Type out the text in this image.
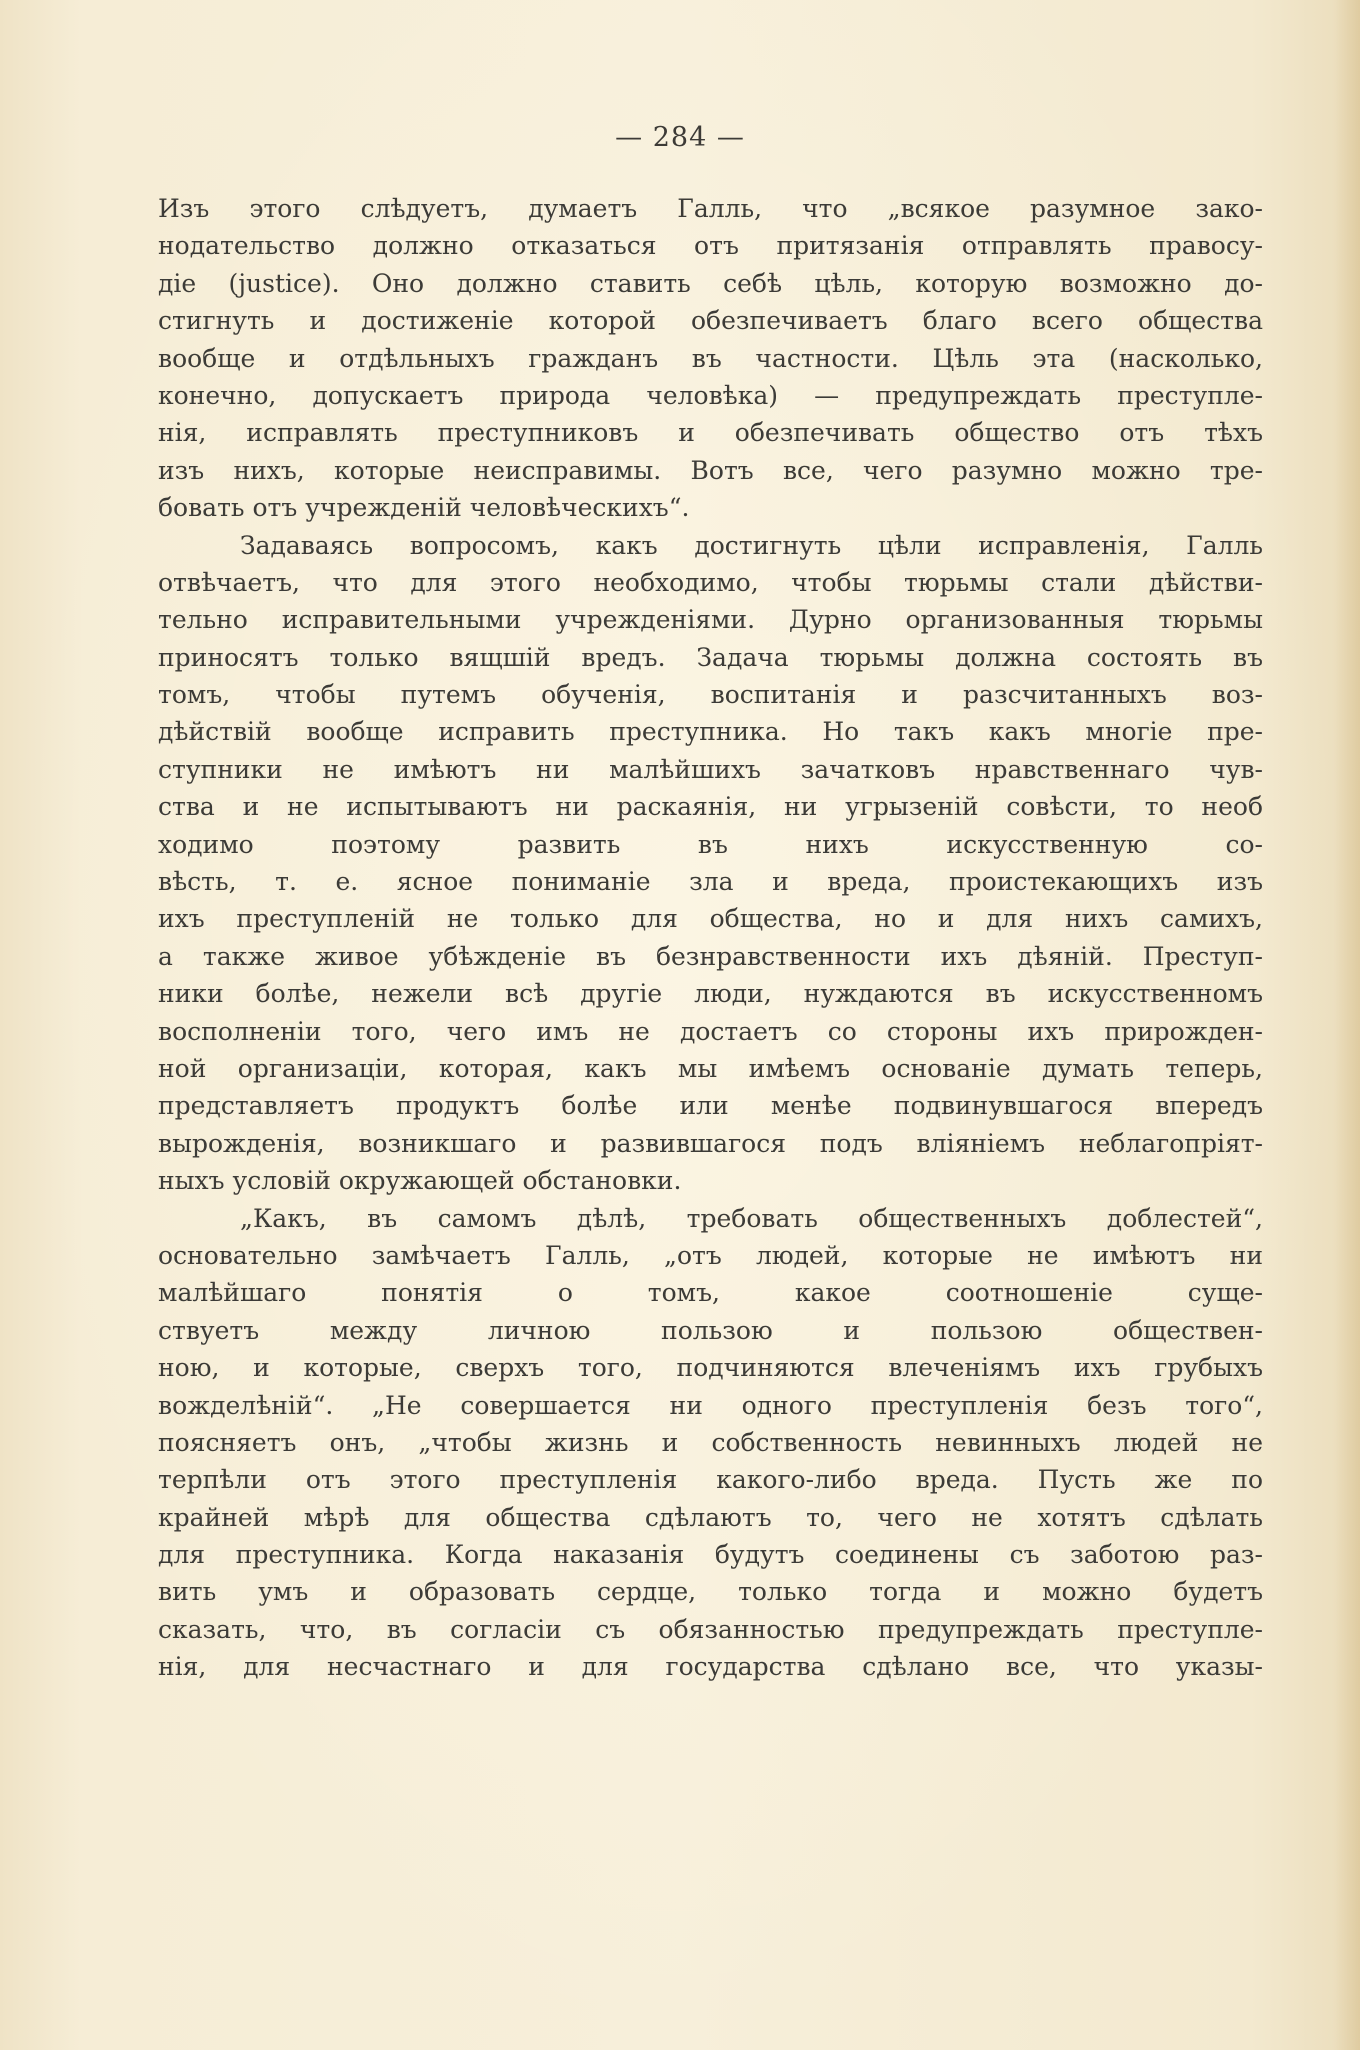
— 284 —
Изъ этого слѣдуетъ, думаетъ Галль, что „всякое разумное зако-
нодательство должно отказаться отъ притязанія отправлять правосу-
діе (justice). Оно должно ставить себѣ цѣль, которую возможно до-
стигнуть и достиженіе которой обезпечиваетъ благо всего общества
вообще и отдѣльныхъ гражданъ въ частности. Цѣль эта (насколько,
конечно, допускаетъ природа человѣка) — предупреждать преступле-
нія, исправлять преступниковъ и обезпечивать общество отъ тѣхъ
изъ нихъ, которые неисправимы. Вотъ все, чего разумно можно тре-
бовать отъ учрежденій человѣческихъ“.
Задаваясь вопросомъ, какъ достигнуть цѣли исправленія, Галль
отвѣчаетъ, что для этого необходимо, чтобы тюрьмы стали дѣйстви-
тельно исправительными учрежденіями. Дурно организованныя тюрьмы
приносятъ только вящшій вредъ. Задача тюрьмы должна состоять въ
томъ, чтобы путемъ обученія, воспитанія и разсчитанныхъ воз-
дѣйствій вообще исправить преступника. Но такъ какъ многіе пре-
ступники не имѣютъ ни малѣйшихъ зачатковъ нравственнаго чув-
ства и не испытываютъ ни раскаянія, ни угрызеній совѣсти, то необ
ходимо поэтому развить въ нихъ искусственную со-
вѣсть, т. е. ясное пониманіе зла и вреда, проистекающихъ изъ
ихъ преступленій не только для общества, но и для нихъ самихъ,
а также живое убѣжденіе въ безнравственности ихъ дѣяній. Преступ-
ники болѣе, нежели всѣ другіе люди, нуждаются въ искусственномъ
восполненіи того, чего имъ не достаетъ со стороны ихъ прирожден-
ной организаціи, которая, какъ мы имѣемъ основаніе думать теперь,
представляетъ продуктъ болѣе или менѣе подвинувшагося впередъ
вырожденія, возникшаго и развившагося подъ вліяніемъ неблагопріят-
ныхъ условій окружающей обстановки.
„Какъ, въ самомъ дѣлѣ, требовать общественныхъ доблестей“,
основательно замѣчаетъ Галль, „отъ людей, которые не имѣютъ ни
малѣйшаго понятія о томъ, какое соотношеніе суще-
ствуетъ между личною пользою и пользою обществен-
ною, и которые, сверхъ того, подчиняются влеченіямъ ихъ грубыхъ
вожделѣній“. „Не совершается ни одного преступленія безъ того“,
поясняетъ онъ, „чтобы жизнь и собственность невинныхъ людей не
терпѣли отъ этого преступленія какого-либо вреда. Пусть же по
крайней мѣрѣ для общества сдѣлаютъ то, чего не хотятъ сдѣлать
для преступника. Когда наказанія будутъ соединены съ заботою раз-
вить умъ и образовать сердце, только тогда и можно будетъ
сказать, что, въ согласіи съ обязанностью предупреждать преступле-
нія, для несчастнаго и для государства сдѣлано все, что указы-
